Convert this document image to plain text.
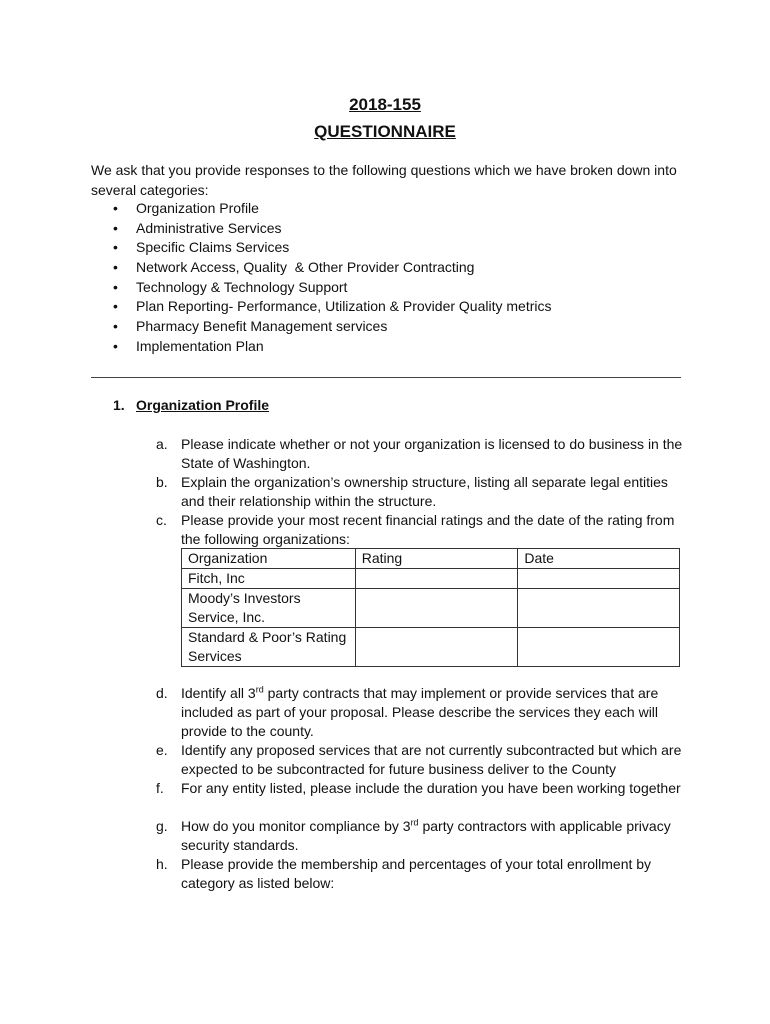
2018-155
QUESTIONNAIRE
We ask that you provide responses to the following questions which we have broken down into several categories:
• Organization Profile
• Administrative Services
• Specific Claims Services
• Network Access, Quality  & Other Provider Contracting
• Technology & Technology Support
• Plan Reporting- Performance, Utilization & Provider Quality metrics
• Pharmacy Benefit Management services
• Implementation Plan
1. Organization Profile
a. Please indicate whether or not your organization is licensed to do business in the State of Washington.
b. Explain the organization’s ownership structure, listing all separate legal entities and their relationship within the structure.
c. Please provide your most recent financial ratings and the date of the rating from the following organizations:
Organization	Rating	Date
Fitch, Inc		
Moody’s Investors Service, Inc.		
Standard & Poor’s Rating Services		
d. Identify all 3rd party contracts that may implement or provide services that are included as part of your proposal. Please describe the services they each will provide to the county.
e. Identify any proposed services that are not currently subcontracted but which are expected to be subcontracted for future business deliver to the County
f. For any entity listed, please include the duration you have been working together
g. How do you monitor compliance by 3rd party contractors with applicable privacy security standards.
h. Please provide the membership and percentages of your total enrollment by category as listed below:
